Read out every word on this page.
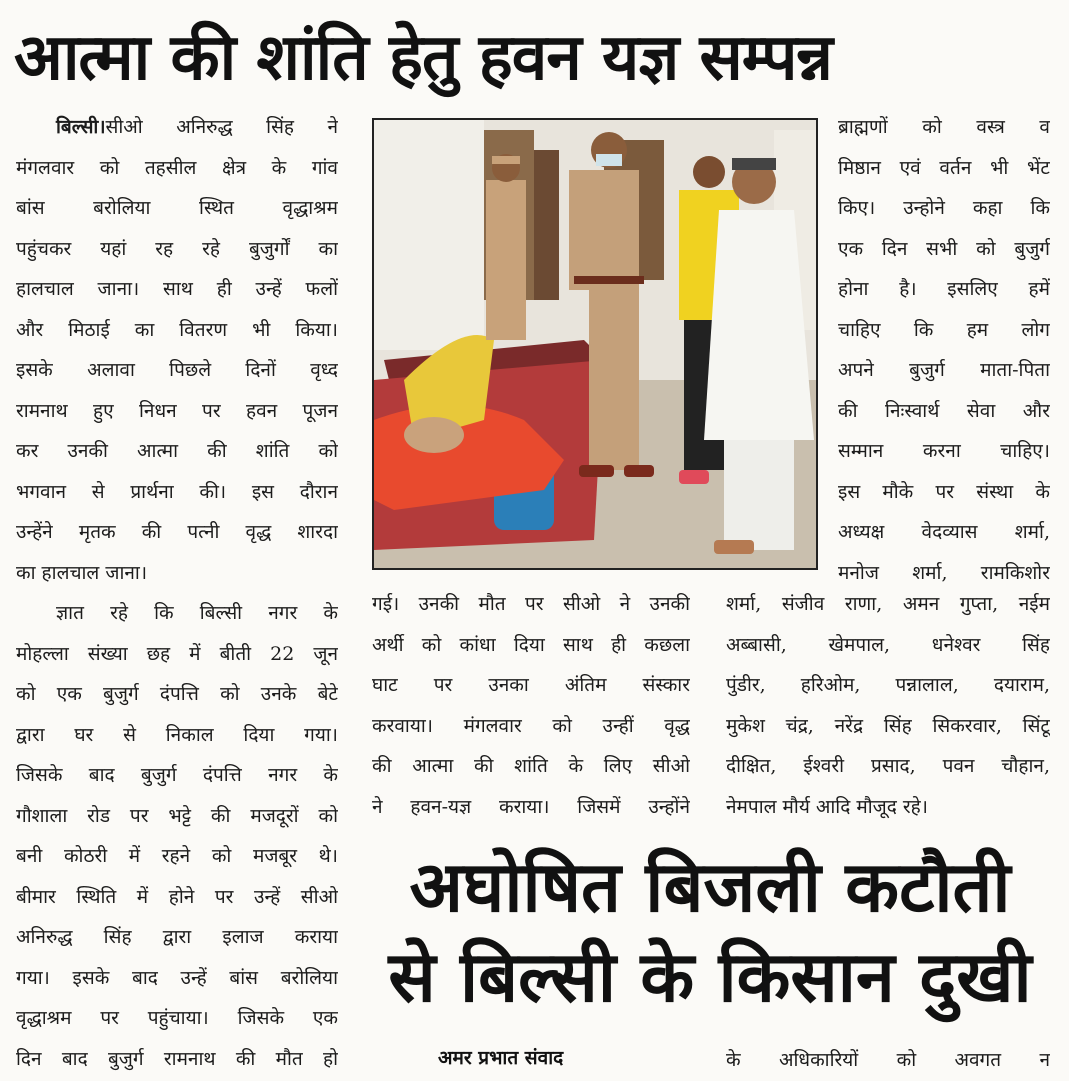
आत्मा की शांति हेतु हवन यज्ञ सम्पन्न
बिल्सी।सीओ अनिरुद्ध सिंह ने
मंगलवार को तहसील क्षेत्र के गांव
बांस बरोलिया स्थित वृद्धाश्रम
पहुंचकर यहां रह रहे बुजुर्गों का
हालचाल जाना। साथ ही उन्हें फलों
और मिठाई का वितरण भी किया।
इसके अलावा पिछले दिनों वृध्द
रामनाथ हुए निधन पर हवन पूजन
कर उनकी आत्मा की शांति को
भगवान से प्रार्थना की। इस दौरान
उन्हेंने मृतक की पत्नी वृद्ध शारदा
का हालचाल जाना।
ज्ञात रहे कि बिल्सी नगर के
मोहल्ला संख्या छह में बीती 22 जून
को एक बुजुर्ग दंपत्ति को उनके बेटे
द्वारा घर से निकाल दिया गया।
जिसके बाद बुजुर्ग दंपत्ति नगर के
गौशाला रोड पर भट्टे की मजदूरों को
बनी कोठरी में रहने को मजबूर थे।
बीमार स्थिति में होने पर उन्हें सीओ
अनिरुद्ध सिंह द्वारा इलाज कराया
गया। इसके बाद उन्हें बांस बरोलिया
वृद्धाश्रम पर पहुंचाया। जिसके एक
दिन बाद बुजुर्ग रामनाथ की मौत हो
ब्राह्मणों को वस्त्र व
मिष्ठान एवं वर्तन भी भेंट
किए। उन्होने कहा कि
एक दिन सभी को बुजुर्ग
होना है। इसलिए हमें
चाहिए कि हम लोग
अपने बुजुर्ग माता-पिता
की निःस्वार्थ सेवा और
सम्मान करना चाहिए।
इस मौके पर संस्था के
अध्यक्ष वेदव्यास शर्मा,
मनोज शर्मा, रामकिशोर
गई। उनकी मौत पर सीओ ने उनकी
अर्थी को कांधा दिया साथ ही कछला
घाट पर उनका अंतिम संस्कार
करवाया। मंगलवार को उन्हीं वृद्ध
की आत्मा की शांति के लिए सीओ
ने हवन-यज्ञ कराया। जिसमें उन्होंने
शर्मा, संजीव राणा, अमन गुप्ता, नईम
अब्बासी, खेमपाल, धनेश्वर सिंह
पुंडीर, हरिओम, पन्नालाल, दयाराम,
मुकेश चंद्र, नरेंद्र सिंह सिकरवार, सिंटू
दीक्षित, ईश्वरी प्रसाद, पवन चौहान,
नेमपाल मौर्य आदि मौजूद रहे।
अघोषित बिजली कटौती
से बिल्सी के किसान दुखी
अमर प्रभात संवाद	के अधिकारियों को अवगत न
